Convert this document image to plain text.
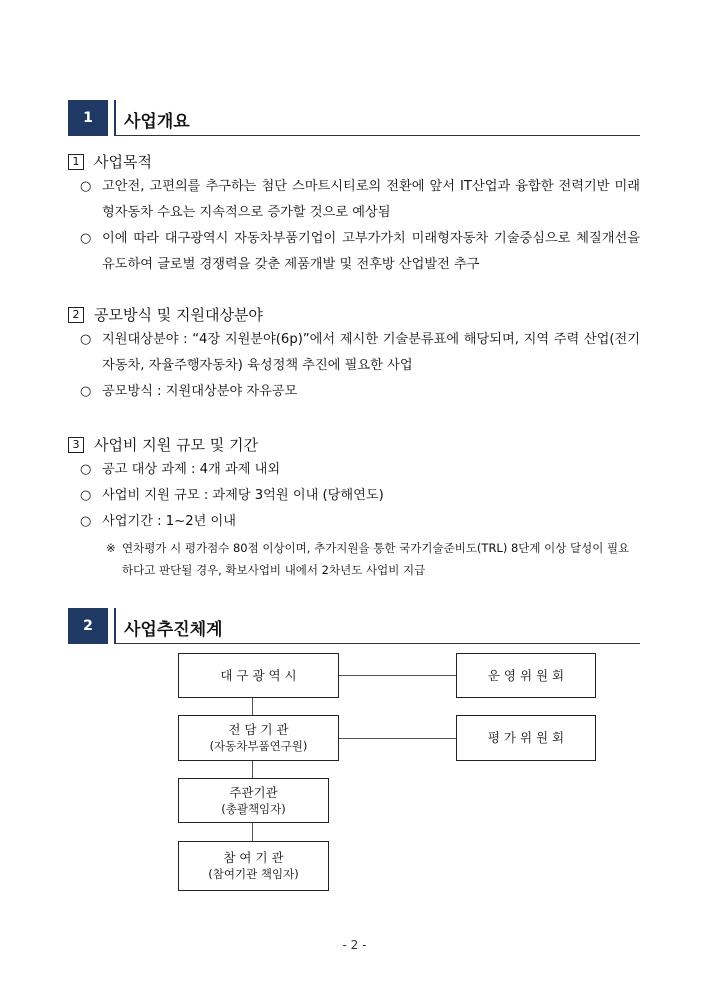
1	사업개요
1 사업목적
○ 고안전, 고편의를 추구하는 첨단 스마트시티로의 전환에 앞서 IT산업과 융합한 전력기반 미래형자동차 수요는 지속적으로 증가할 것으로 예상됨
○ 이에 따라 대구광역시 자동차부품기업이 고부가가치 미래형자동차 기술중심으로 체질개선을 유도하여 글로벌 경쟁력을 갖춘 제품개발 및 전후방 산업발전 추구
2 공모방식 및 지원대상분야
○ 지원대상분야 : “4장 지원분야(6p)”에서 제시한 기술분류표에 해당되며, 지역 주력 산업(전기자동차, 자율주행자동차) 육성정책 추진에 필요한 사업
○ 공모방식 : 지원대상분야 자유공모
3 사업비 지원 규모 및 기간
○ 공고 대상 과제 : 4개 과제 내외
○ 사업비 지원 규모 : 과제당 3억원 이내 (당해연도)
○ 사업기간 : 1~2년 이내
※ 연차평가 시 평가점수 80점 이상이며, 추가지원을 통한 국가기술준비도(TRL) 8단계 이상 달성이 필요하다고 판단될 경우, 확보사업비 내에서 2차년도 사업비 지급
2	사업추진체계
대 구 광 역 시	운 영 위 원 회
전 담 기 관
(자동차부품연구원)
평 가 위 원 회
주관기관
(총괄책임자)
참 여 기 관
(참여기관 책임자)
- 2 -
